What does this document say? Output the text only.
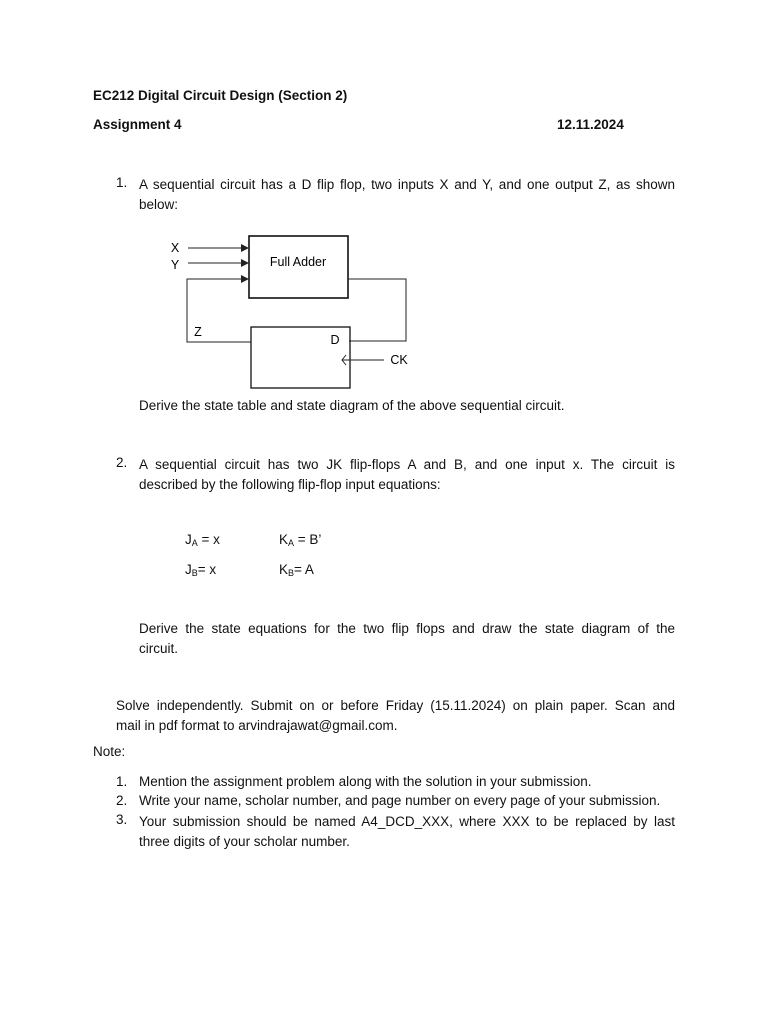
EC212 Digital Circuit Design (Section 2)
Assignment 4	12.11.2024
1. A sequential circuit has a D flip flop, two inputs X and Y, and one output Z, as shown
below:
Full Adder
X
Y
Z
D
CK
Derive the state table and state diagram of the above sequential circuit.
2. A sequential circuit has two JK flip-flops A and B, and one input x. The circuit is
described by the following flip-flop input equations:
$J_A = x$	$K_A = B$’
$J_B= x$	$K_B= A$
Derive the state equations for the two flip flops and draw the state diagram of the
circuit.
Solve independently. Submit on or before Friday (15.11.2024) on plain paper. Scan and
mail in pdf format to arvindrajawat@gmail.com.
Note:
1. Mention the assignment problem along with the solution in your submission.
2. Write your name, scholar number, and page number on every page of your submission.
3. Your submission should be named A4_DCD_XXX, where XXX to be replaced by last
three digits of your scholar number.
